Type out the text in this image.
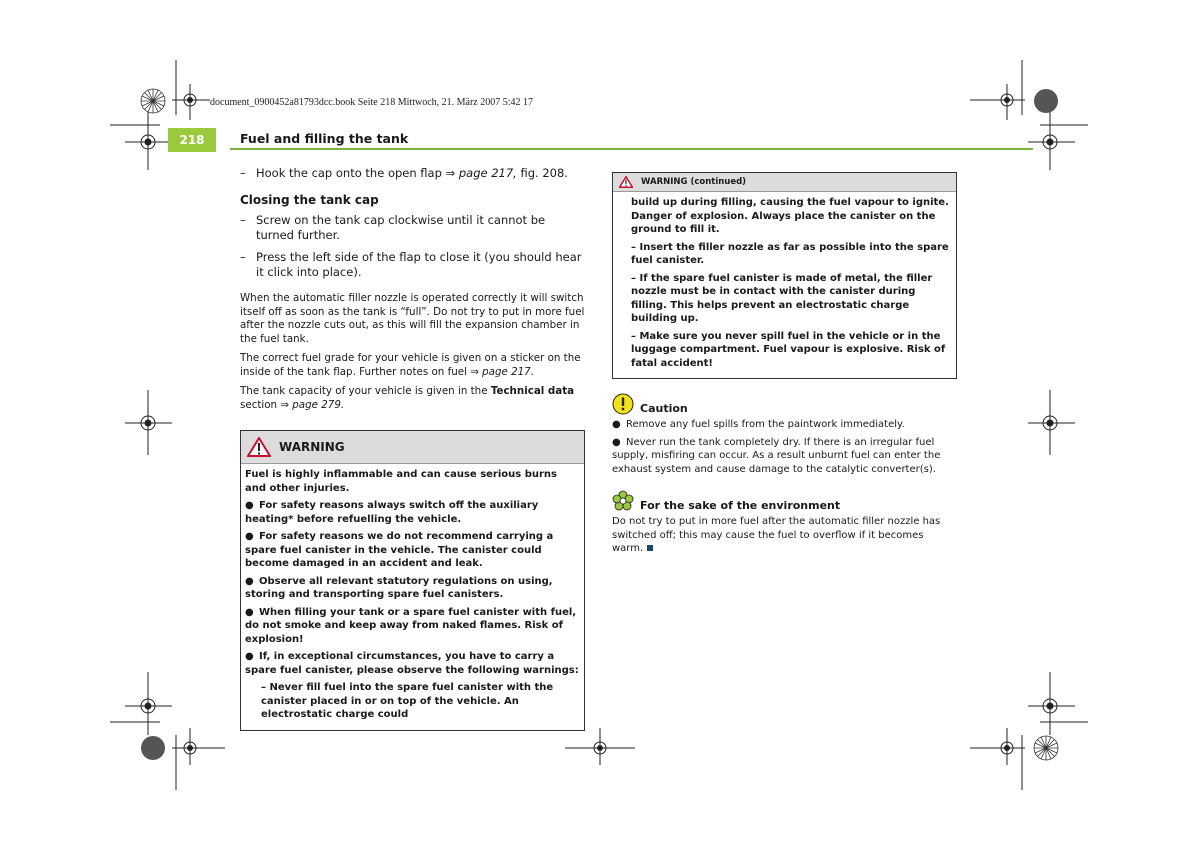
document_0900452a81793dcc.book Seite 218 Mittwoch, 21. März 2007 5:42 17
218	Fuel and filling the tank
– Hook the cap onto the open flap ⇒ page 217, fig. 208.
Closing the tank cap
– Screw on the tank cap clockwise until it cannot be turned further.
– Press the left side of the flap to close it (you should hear it click into place).
When the automatic filler nozzle is operated correctly it will switch itself off as soon as the tank is “full”. Do not try to put in more fuel after the nozzle cuts out, as this will fill the expansion chamber in the fuel tank.
The correct fuel grade for your vehicle is given on a sticker on the inside of the tank flap. Further notes on fuel ⇒ page 217.
The tank capacity of your vehicle is given in the Technical data section ⇒ page 279.
WARNING
Fuel is highly inflammable and can cause serious burns and other injuries.
● For safety reasons always switch off the auxiliary heating* before refuelling the vehicle.
● For safety reasons we do not recommend carrying a spare fuel canister in the vehicle. The canister could become damaged in an accident and leak.
● Observe all relevant statutory regulations on using, storing and transporting spare fuel canisters.
● When filling your tank or a spare fuel canister with fuel, do not smoke and keep away from naked flames. Risk of explosion!
● If, in exceptional circumstances, you have to carry a spare fuel canister, please observe the following warnings:
– Never fill fuel into the spare fuel canister with the canister placed in or on top of the vehicle. An electrostatic charge could
WARNING (continued)
build up during filling, causing the fuel vapour to ignite. Danger of explosion. Always place the canister on the ground to fill it.
– Insert the filler nozzle as far as possible into the spare fuel canister.
– If the spare fuel canister is made of metal, the filler nozzle must be in contact with the canister during filling. This helps prevent an electrostatic charge building up.
– Make sure you never spill fuel in the vehicle or in the luggage compartment. Fuel vapour is explosive. Risk of fatal accident!
Caution
● Remove any fuel spills from the paintwork immediately.
● Never run the tank completely dry. If there is an irregular fuel supply, misfiring can occur. As a result unburnt fuel can enter the exhaust system and cause damage to the catalytic converter(s).
For the sake of the environment
Do not try to put in more fuel after the automatic filler nozzle has switched off; this may cause the fuel to overflow if it becomes warm.
